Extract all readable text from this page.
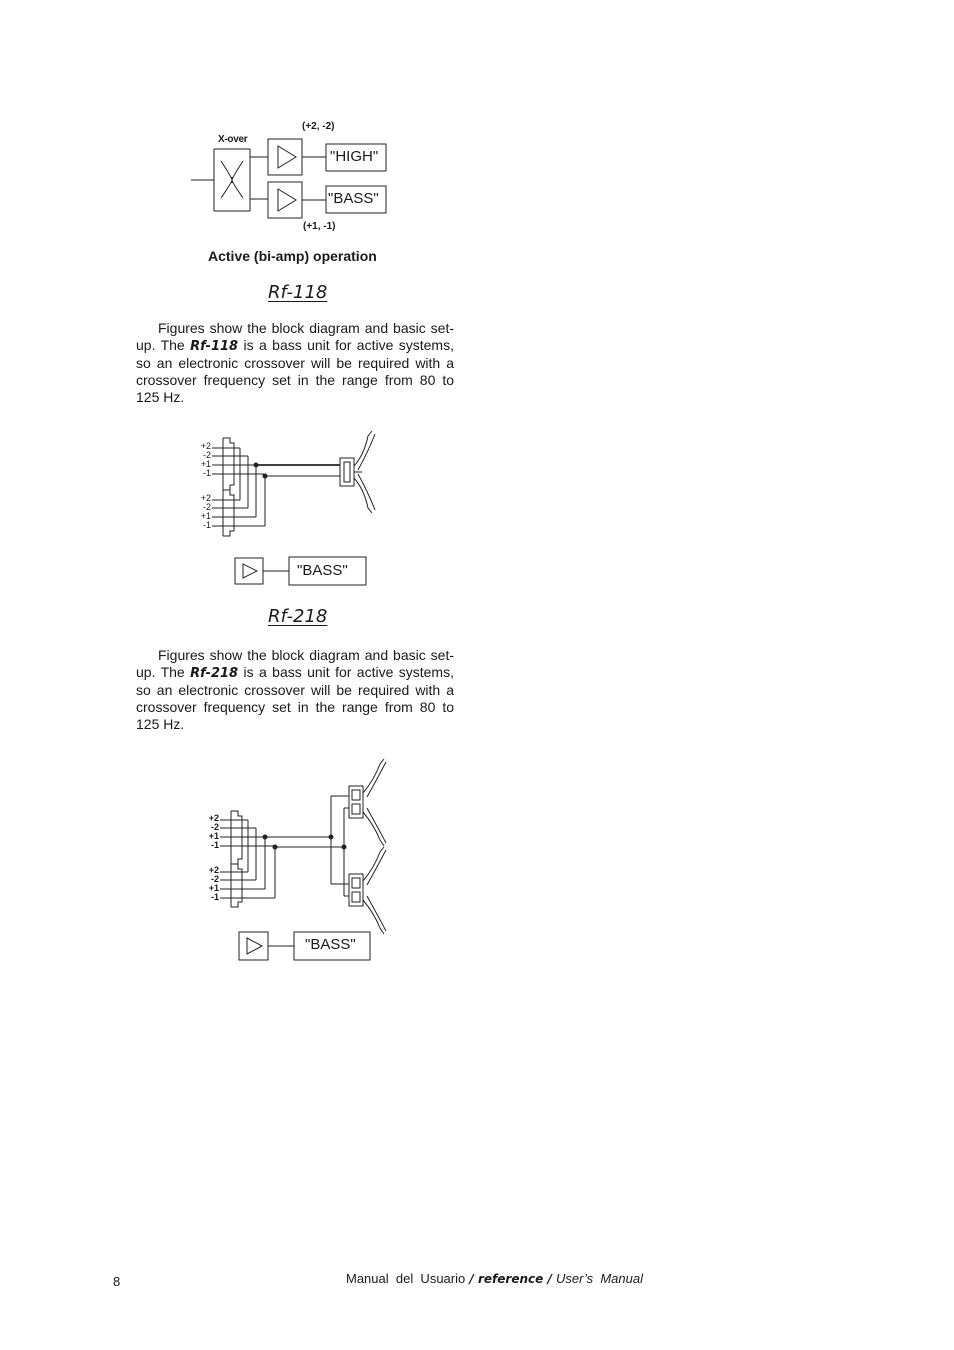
X-over
(+2, -2)
(+1, -1)
"HIGH"
"BASS"
Active (bi-amp) operation
Rf-118
Figures show the block diagram and basic set-up. The Rf-118 is a bass unit for active systems, so an electronic crossover will be required with a crossover frequency set in the range from 80 to 125 Hz.
+2
-2
+1
-1
+2
-2
+1
-1
"BASS"
Rf-218
Figures show the block diagram and basic set-up. The Rf-218 is a bass unit for active systems, so an electronic crossover will be required with a crossover frequency set in the range from 80 to 125 Hz.
+2
-2
+1
-1
+2
-2
+1
-1
"BASS"
8	Manual  del  Usuario / reference / User’s  Manual
